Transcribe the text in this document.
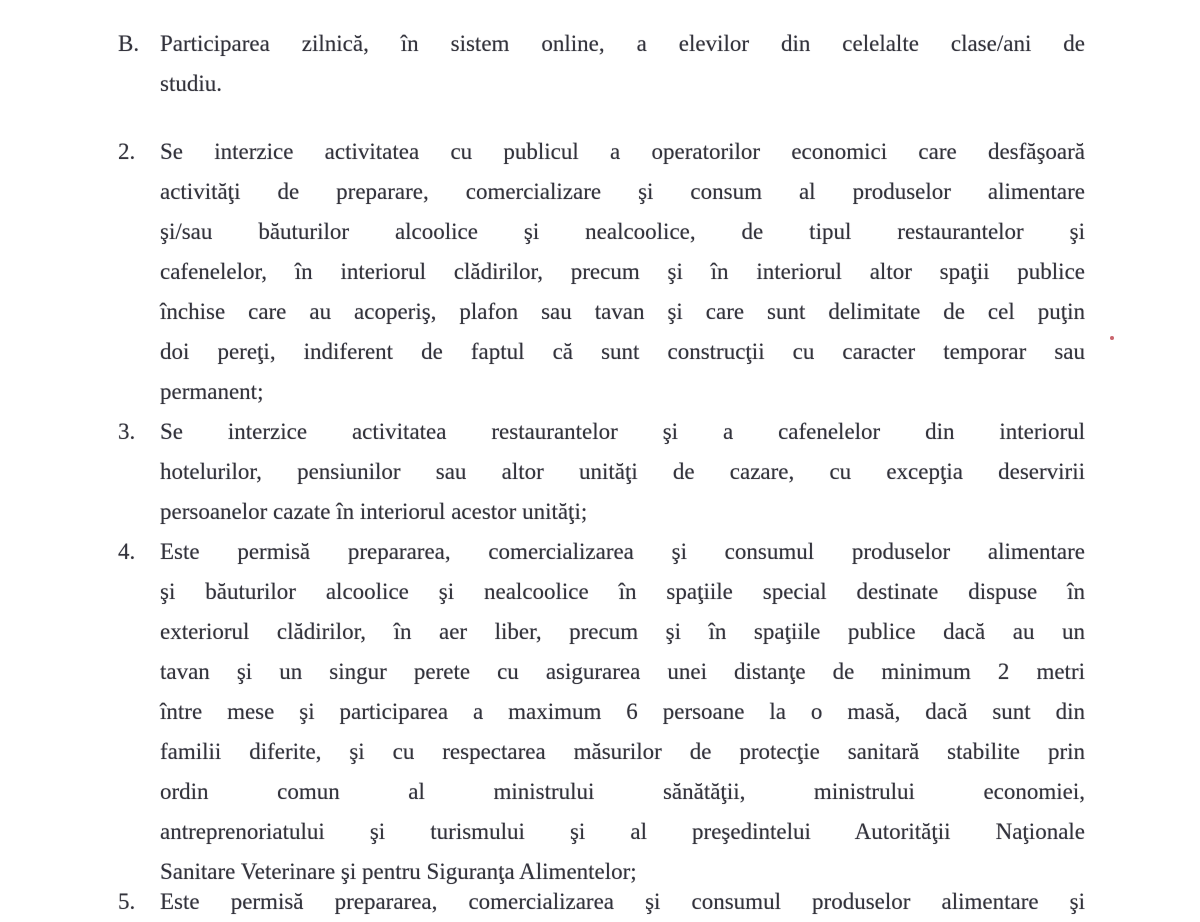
B. Participarea zilnică, în sistem online, a elevilor din celelalte clase/ani de
studiu.
2.	Se interzice activitatea cu publicul a operatorilor economici care desfăşoară
activităţi de preparare, comercializare şi consum al produselor alimentare
şi/sau băuturilor alcoolice şi nealcoolice, de tipul restaurantelor şi
cafenelelor, în interiorul clădirilor, precum şi în interiorul altor spaţii publice
închise care au acoperiş, plafon sau tavan şi care sunt delimitate de cel puţin
doi pereţi, indiferent de faptul că sunt construcţii cu caracter temporar sau
permanent;
3.	Se interzice activitatea restaurantelor şi a cafenelelor din interiorul
hotelurilor, pensiunilor sau altor unităţi de cazare, cu excepţia deservirii
persoanelor cazate în interiorul acestor unităţi;
4.	Este permisă prepararea, comercializarea şi consumul produselor alimentare
şi băuturilor alcoolice şi nealcoolice în spaţiile special destinate dispuse în
exteriorul clădirilor, în aer liber, precum şi în spaţiile publice dacă au un
tavan şi un singur perete cu asigurarea unei distanţe de minimum 2 metri
între mese şi participarea a maximum 6 persoane la o masă, dacă sunt din
familii diferite, şi cu respectarea măsurilor de protecţie sanitară stabilite prin
ordin comun al ministrului sănătăţii, ministrului economiei,
antreprenoriatului şi turismului şi al preşedintelui Autorităţii Naţionale
Sanitare Veterinare şi pentru Siguranţa Alimentelor;
5.	Este permisă prepararea, comercializarea şi consumul produselor alimentare şi
